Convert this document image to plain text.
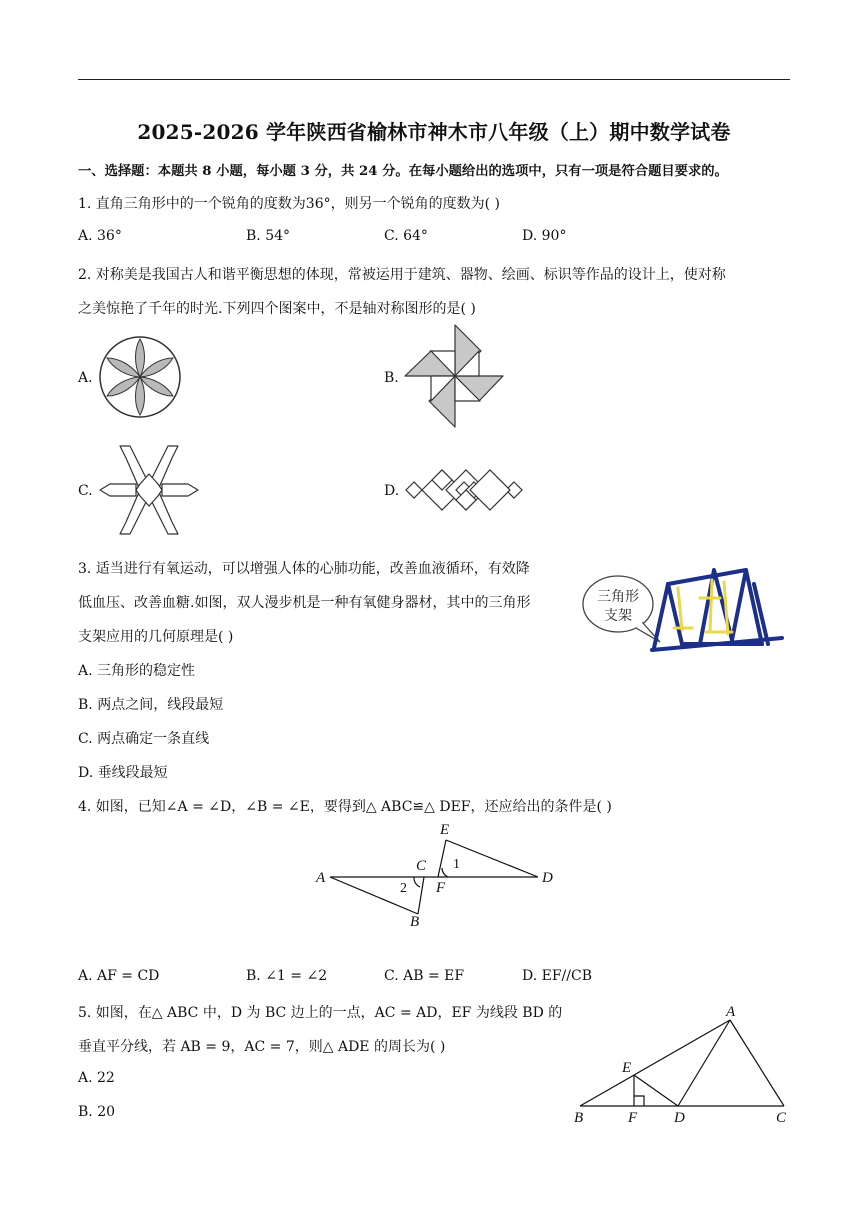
2025-2026 学年陕西省榆林市神木市八年级（上）期中数学试卷
一、选择题：本题共 8 小题，每小题 3 分，共 24 分。在每小题给出的选项中，只有一项是符合题目要求的。
1. 直角三角形中的一个锐角的度数为36°，则另一个锐角的度数为( )
A. 36°	B. 54°	C. 64°	D. 90°
2. 对称美是我国古人和谐平衡思想的体现，常被运用于建筑、器物、绘画、标识等作品的设计上，使对称
之美惊艳了千年的时光.下列四个图案中，不是轴对称图形的是( )
A.	B.
C.	D.
3. 适当进行有氧运动，可以增强人体的心肺功能，改善血液循环，有效降
低血压、改善血糖.如图，双人漫步机是一种有氧健身器材，其中的三角形
支架应用的几何原理是( )
三角形
支架
A. 三角形的稳定性
B. 两点之间，线段最短
C. 两点确定一条直线
D. 垂线段最短
4. 如图，已知∠A = ∠D，∠B = ∠E，要得到△ ABC≌△ DEF，还应给出的条件是( )
A
B
C
D
E
F
1
2
A. AF = CD	B. ∠1 = ∠2	C. AB = EF	D. EF//CB
5. 如图，在△ ABC 中，D 为 BC 边上的一点，AC = AD，EF 为线段 BD 的
垂直平分线，若 AB = 9，AC = 7，则△ ADE 的周长为( )
A. 22
B. 20
A
B	C
D
E
F
